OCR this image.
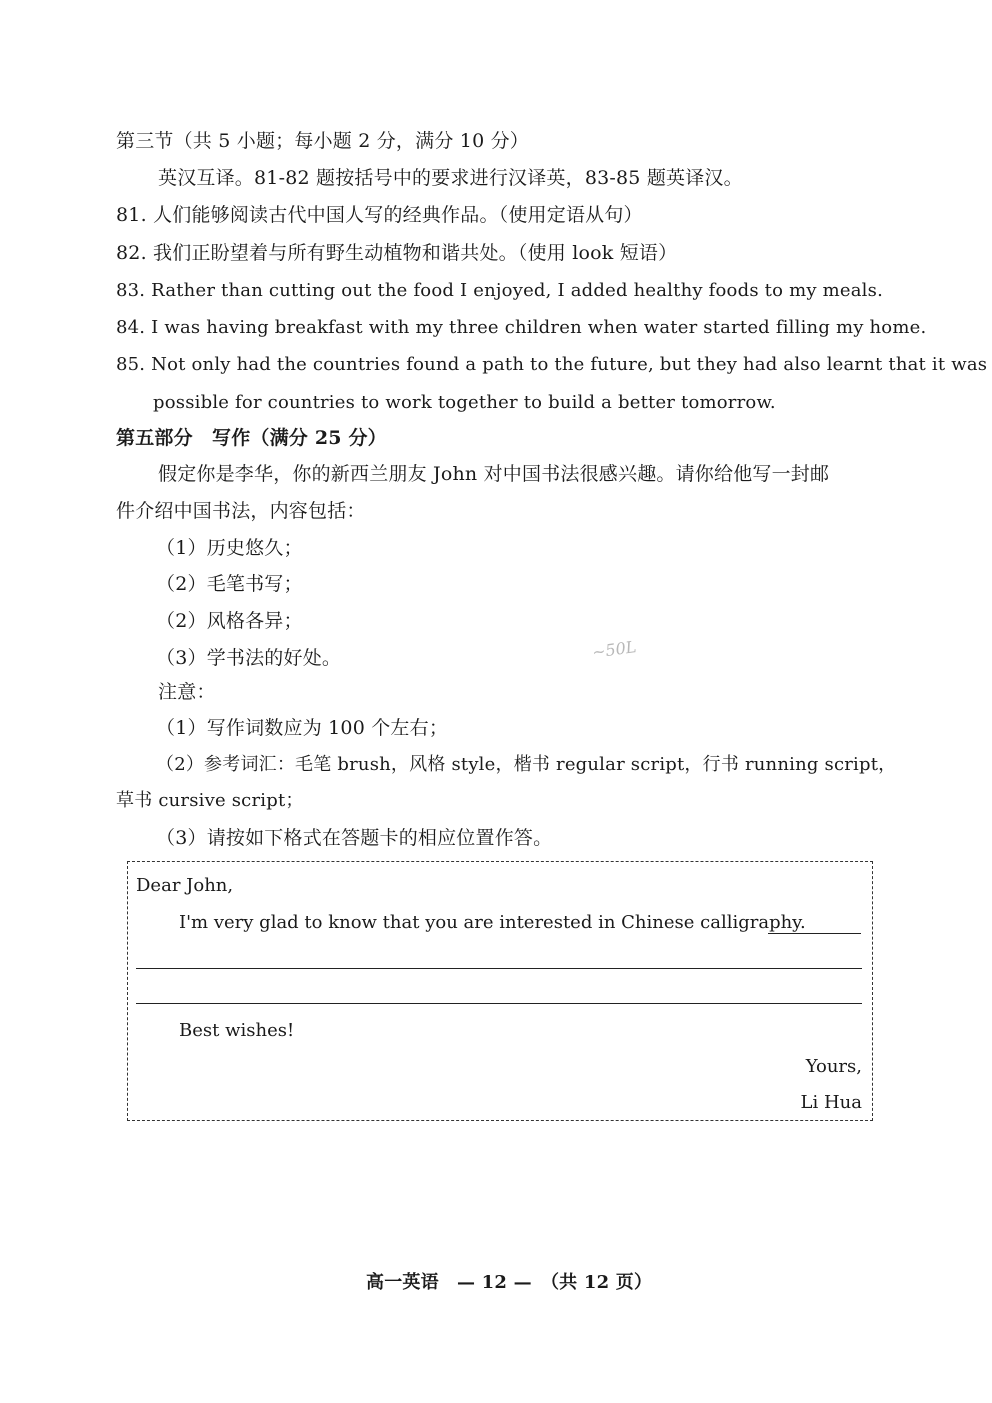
第三节（共 5 小题；每小题 2 分，满分 10 分）
英汉互译。81-82 题按括号中的要求进行汉译英，83-85 题英译汉。
81. 人们能够阅读古代中国人写的经典作品。（使用定语从句）
82. 我们正盼望着与所有野生动植物和谐共处。（使用 look 短语）
83. Rather than cutting out the food I enjoyed, I added healthy foods to my meals.
84. I was having breakfast with my three children when water started filling my home.
85. Not only had the countries found a path to the future, but they had also learnt that it was
possible for countries to work together to build a better tomorrow.
第五部分　写作（满分 25 分）
假定你是李华，你的新西兰朋友 John 对中国书法很感兴趣。请你给他写一封邮
件介绍中国书法，内容包括：
（1）历史悠久；
（2）毛笔书写；
（2）风格各异；
（3）学书法的好处。	~50L
注意：
（1）写作词数应为 100 个左右；
（2）参考词汇：毛笔 brush，风格 style，楷书 regular script，行书 running script，
草书 cursive script；
（3）请按如下格式在答题卡的相应位置作答。
Dear John,
I'm very glad to know that you are interested in Chinese calligraphy.
Best wishes!
Yours,
Li Hua
高一英语　— 12 —　（共 12 页）
